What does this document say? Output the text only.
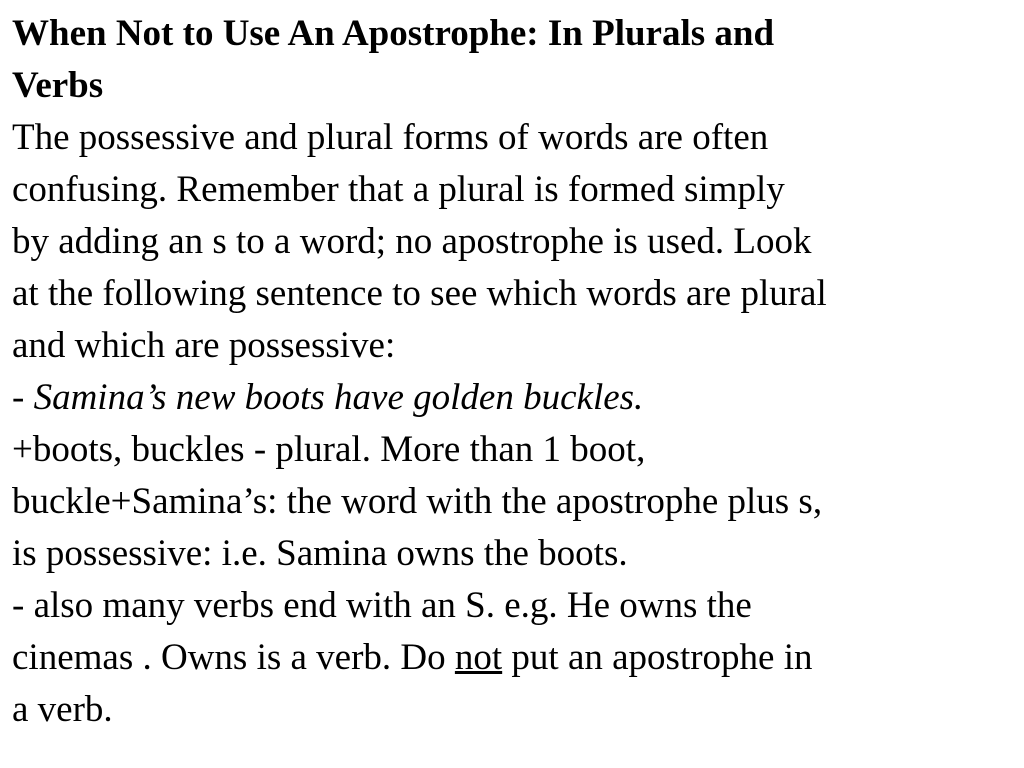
When Not to Use An Apostrophe: In Plurals and
Verbs
The possessive and plural forms of words are often
confusing. Remember that a plural is formed simply
by adding an s to a word; no apostrophe is used. Look
at the following sentence to see which words are plural
and which are possessive:
- Samina’s new boots have golden buckles.
+boots, buckles - plural. More than 1 boot,
buckle+Samina’s: the word with the apostrophe plus s,
is possessive: i.e. Samina owns the boots.
- also many verbs end with an S. e.g. He owns the
cinemas . Owns is a verb. Do not put an apostrophe in
a verb.
